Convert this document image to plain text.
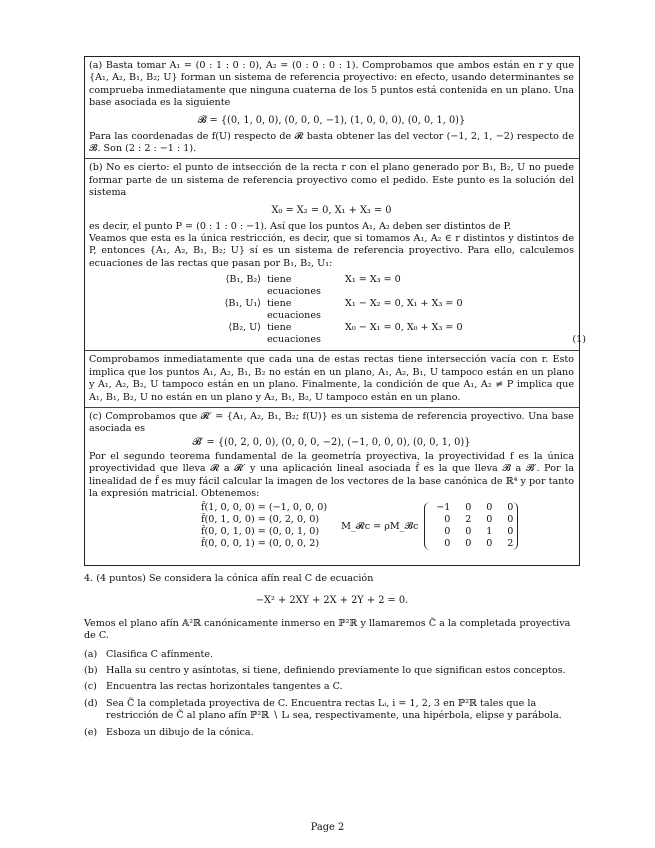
(a) Basta tomar A₁ = (0 : 1 : 0 : 0), A₂ = (0 : 0 : 0 : 1). Comprobamos que ambos están en r y que {A₁, A₂, B₁, B₂; U} forman un sistema de referencia proyectivo: en efecto, usando determinantes se comprueba inmediatamente que ninguna cuaterna de los 5 puntos está contenida en un plano. Una base asociada es la siguiente

𝓑 = {(0, 1, 0, 0), (0, 0, 0, −1), (1, 0, 0, 0), (0, 0, 1, 0)}

Para las coordenadas de f(U) respecto de 𝓡 basta obtener las del vector (−1, 2, 1, −2) respecto de 𝓑. Son (2 : 2 : −1 : 1).

(b) No es cierto: el punto de intsección de la recta r con el plano generado por B₁, B₂, U no puede formar parte de un sistema de referencia proyectivo como el pedido. Este punto es la solución del sistema

X₀ = X₂ = 0, X₁ + X₃ = 0

es decir, el punto P = (0 : 1 : 0 : −1). Así que los puntos A₁, A₂ deben ser distintos de P.

Veamos que esta es la única restricción, es decir, que si tomamos A₁, A₂ ∈ r distintos y distintos de P, entonces {A₁, A₂, B₁, B₂; U} sí es un sistema de referencia proyectivo. Para ello, calculemos ecuaciones de las rectas que pasan por B₁, B₂, U₁:

⟨B₁, B₂⟩ tiene ecuaciones
X₁ = X₃ = 0
⟨B₁, U₁⟩ tiene ecuaciones
X₁ − X₂ = 0, X₁ + X₃ = 0
⟨B₂, U⟩ tiene ecuaciones
X₀ − X₁ = 0, X₀ + X₃ = 0
(1)

Comprobamos inmediatamente que cada una de estas rectas tiene intersección vacía con r. Esto implica que los puntos A₁, A₂, B₁, B₂ no están en un plano, A₁, A₂, B₁, U tampoco están en un plano y A₁, A₂, B₂, U tampoco están en un plano. Finalmente, la condición de que A₁, A₂ ≠ P implica que A₁, B₁, B₂, U no están en un plano y A₂, B₁, B₂, U tampoco están en un plano.

(c) Comprobamos que 𝓡′ = {A₁, A₂, B₁, B₂; f(U)} es un sistema de referencia proyectivo. Una base asociada es

𝓑′ = {(0, 2, 0, 0), (0, 0, 0, −2), (−1, 0, 0, 0), (0, 0, 1, 0)}

Por el segundo teorema fundamental de la geometría proyectiva, la proyectividad f es la única proyectividad que lleva 𝓡 a 𝓡′ y una aplicación lineal asociada f̂ es la que lleva 𝓑 a 𝓑′. Por la linealidad de f̂ es muy fácil calcular la imagen de los vectores de la base canónica de ℝ⁴ y por tanto la expresión matricial. Obtenemos:

f̂(1, 0, 0, 0) = (−1, 0, 0, 0)
f̂(0, 1, 0, 0) = (0, 2, 0, 0)
f̂(0, 0, 1, 0) = (0, 0, 1, 0)
f̂(0, 0, 0, 1) = (0, 0, 0, 2)
M_𝓡c = ρM_𝓑c
−1	0	0	0
0	2	0	0
0	0	1	0
0	0	0	2
4. (4 puntos) Se considera la cónica afín real C de ecuación
−X² + 2XY + 2X + 2Y + 2 = 0.
Vemos el plano afín 𝔸²ℝ canónicamente inmerso en ℙ²ℝ y llamaremos C̃ a la completada proyectiva de C.
(a) Clasifica C afínmente.
(b) Halla su centro y asíntotas, si tiene, definiendo previamente lo que significan estos conceptos.
(c) Encuentra las rectas horizontales tangentes a C.
(d) Sea C̃ la completada proyectiva de C. Encuentra rectas Lᵢ, i = 1, 2, 3 en ℙ²ℝ tales que la restricción de C̃ al plano afín ℙ²ℝ ∖ Lᵢ sea, respectivamente, una hipérbola, elipse y parábola.
(e) Esboza un dibujo de la cónica.
Page 2
